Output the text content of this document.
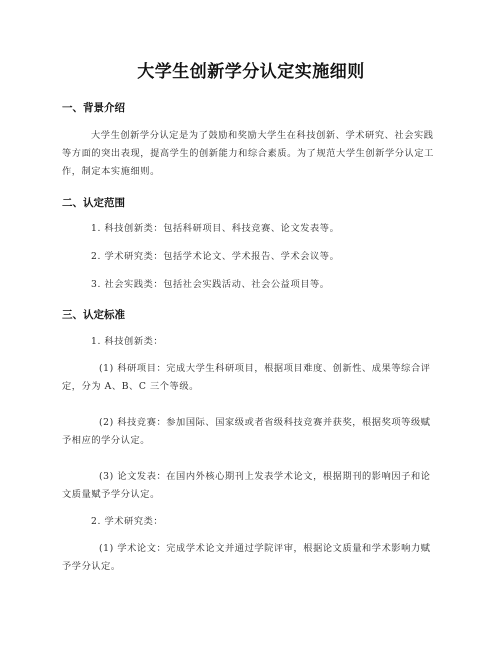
大学生创新学分认定实施细则
一、背景介绍
大学生创新学分认定是为了鼓励和奖励大学生在科技创新、学术研究、社会实践等方面的突出表现，提高学生的创新能力和综合素质。为了规范大学生创新学分认定工作，制定本实施细则。
二、认定范围
1. 科技创新类：包括科研项目、科技竞赛、论文发表等。
2. 学术研究类：包括学术论文、学术报告、学术会议等。
3. 社会实践类：包括社会实践活动、社会公益项目等。
三、认定标准
1. 科技创新类：
(1) 科研项目：完成大学生科研项目，根据项目难度、创新性、成果等综合评定，分为 A、B、C 三个等级。
(2) 科技竞赛：参加国际、国家级或者省级科技竞赛并获奖，根据奖项等级赋予相应的学分认定。
(3) 论文发表：在国内外核心期刊上发表学术论文，根据期刊的影响因子和论文质量赋予学分认定。
2. 学术研究类：
(1) 学术论文：完成学术论文并通过学院评审，根据论文质量和学术影响力赋予学分认定。
